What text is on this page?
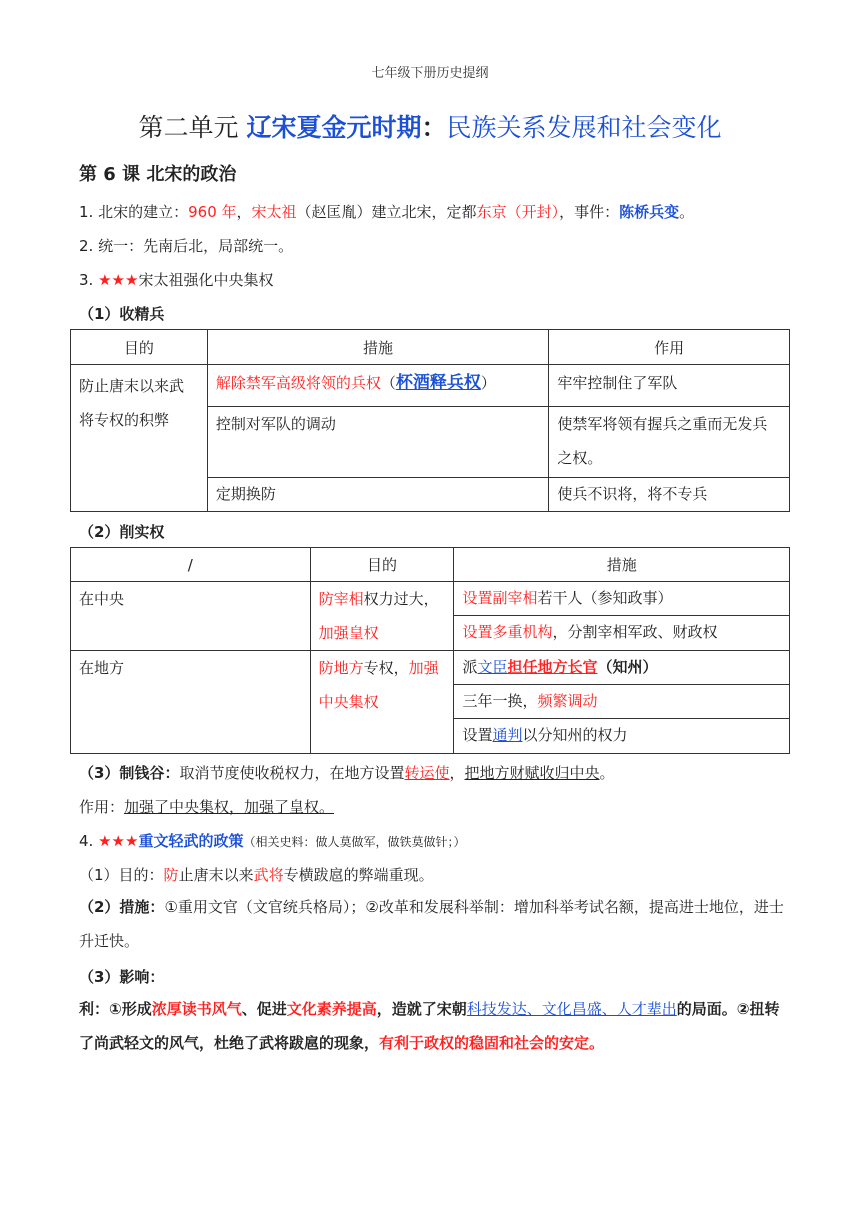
七年级下册历史提纲
第二单元 辽宋夏金元时期：民族关系发展和社会变化
第 6 课 北宋的政治
1. 北宋的建立：960 年，宋太祖（赵匡胤）建立北宋，定都东京（开封），事件：陈桥兵变。
2. 统一：先南后北，局部统一。
3. ★★★宋太祖强化中央集权
（1）收精兵
目的	措施	作用
防止唐末以来武将专权的积弊	解除禁军高级将领的兵权（杯酒释兵权）	牢牢控制住了军队
	控制对军队的调动	使禁军将领有握兵之重而无发兵之权。
	定期换防	使兵不识将，将不专兵
（2）削实权
/	目的	措施
在中央	防宰相权力过大，加强皇权	设置副宰相若干人（参知政事）
		设置多重机构，分割宰相军政、财政权
在地方	防地方专权，加强中央集权	派文臣担任地方长官（知州）
		三年一换，频繁调动
		设置通判以分知州的权力
（3）制钱谷：取消节度使收税权力，在地方设置转运使，把地方财赋收归中央。
作用：加强了中央集权，加强了皇权。
4. ★★★重文轻武的政策（相关史料：做人莫做军，做铁莫做针；）
（1）目的：防止唐末以来武将专横跋扈的弊端重现。
（2）措施：①重用文官（文官统兵格局）；②改革和发展科举制：增加科举考试名额，提高进士地位，进士升迁快。
（3）影响：
利：①形成浓厚读书风气、促进文化素养提高，造就了宋朝科技发达、文化昌盛、人才辈出的局面。②扭转了尚武轻文的风气，杜绝了武将跋扈的现象，有利于政权的稳固和社会的安定。
